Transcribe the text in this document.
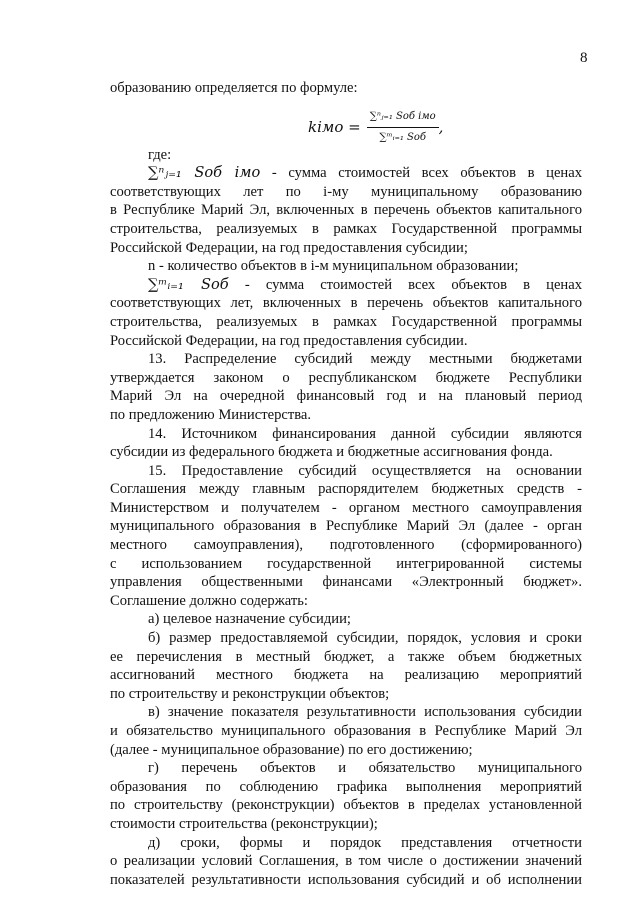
8
образованию определяется по формуле:
kiмо = $\frac{\text{∑ⁿⱼ₌₁ Sоб iмо}}{\text{∑ᵐᵢ₌₁ Sоб}}$ ,
где:
∑ⁿⱼ₌₁ Sоб iмо - сумма стоимостей всех объектов в ценах
соответствующих лет по i-му муниципальному образованию
в Республике Марий Эл, включенных в перечень объектов капитального
строительства, реализуемых в рамках Государственной программы
Российской Федерации, на год предоставления субсидии;
n - количество объектов в i-м муниципальном образовании;
∑ᵐᵢ₌₁ Sоб - сумма стоимостей всех объектов в ценах
соответствующих лет, включенных в перечень объектов капитального
строительства, реализуемых в рамках Государственной программы
Российской Федерации, на год предоставления субсидии.
13. Распределение субсидий между местными бюджетами
утверждается законом о республиканском бюджете Республики
Марий Эл на очередной финансовый год и на плановый период
по предложению Министерства.
14. Источником финансирования данной субсидии являются
субсидии из федерального бюджета и бюджетные ассигнования фонда.
15. Предоставление субсидий осуществляется на основании
Соглашения между главным распорядителем бюджетных средств -
Министерством и получателем - органом местного самоуправления
муниципального образования в Республике Марий Эл (далее - орган
местного самоуправления), подготовленного (сформированного)
с использованием государственной интегрированной системы
управления общественными финансами «Электронный бюджет».
Соглашение должно содержать:
а) целевое назначение субсидии;
б) размер предоставляемой субсидии, порядок, условия и сроки
ее перечисления в местный бюджет, а также объем бюджетных
ассигнований местного бюджета на реализацию мероприятий
по строительству и реконструкции объектов;
в) значение показателя результативности использования субсидии
и обязательство муниципального образования в Республике Марий Эл
(далее - муниципальное образование) по его достижению;
г) перечень объектов и обязательство муниципального
образования по соблюдению графика выполнения мероприятий
по строительству (реконструкции) объектов в пределах установленной
стоимости строительства (реконструкции);
д) сроки, формы и порядок представления отчетности
о реализации условий Соглашения, в том числе о достижении значений
показателей результативности использования субсидий и об исполнении
